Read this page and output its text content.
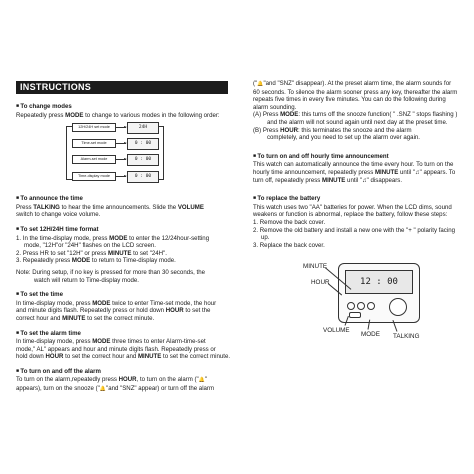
INSTRUCTIONS

■ To change modes

Repeatedly press MODE to change to various modes in the following order:

12H/24H set mode	24H
Time-set mode	0 : 00
Alarm-set mode	0 : 00
Time-display mode	0 : 00

■ To announce the time

Press TALKING to hear the time announcements. Slide the VOLUME

switch to change voice volume.

■ To set 12H/24H time format

1. In the time-display mode, press MODE to enter the 12/24hour-setting

mode, "12H"or "24H" flashes on the LCD screen.

2. Press HR to set "12H" or press MINUTE to set "24H".

3. Repeatedly press MODE to return to Time-display mode.

Note: During setup, if no key is pressed for more than 30 seconds, the

watch will return to Time-display mode.

■ To set the time

In time-display mode, press MODE twice to enter Time-set mode, the hour

and minute digits flash. Repeatedly press or hold down HOUR to set the

correct hour and MINUTE to set the correct minute.

■ To set the alarm time

In time-display mode, press MODE three times to enter Alarm-time-set

mode," AL" appears and hour and minute digits flash. Repeatedly press or

hold down HOUR to set the correct hour and MINUTE to set the correct minute.

■ To turn on and off the alarm

To turn on the alarm,repeatedly press HOUR, to turn on the alarm ("🔔"

appears), turn on the snooze ("🔔"and "SNZ" appear) or turn off the alarm

("🔔"and "SNZ" disappear). At the preset alarm time, the alarm sounds for

60 seconds. To silence the alarm sooner press any key, thereafter the alarm

repeats five times in every five minutes. You can do the following during

alarm sounding.

(A) Press MODE: this turns off the snooze function( " .SNZ " stops flashing )

and the alarm will not sound again until next day at the preset time.

(B) Press HOUR: this terminates the snooze and the alarm

completely, and you need to set up the alarm over again.

■ To turn on and off hourly time announcement

This watch can automatically announce the time every hour. To turn on the

hourly time announcement, repeatedly press MINUTE until "♫" appears. To

turn off, repeatedly press MINUTE until "♫" disappears.

■ To replace the battery

This watch uses two "AA" batteries for power. When the LCD dims, sound

weakens or function is abnormal, replace the battery, follow these steps:

1. Remove the back cover.

2. Remove the old battery and install a new one with the "+ " polarity facing

up.

3. Replace the back cover.

12 : 00
MINUTE
HOUR
VOLUME
MODE TALKING
